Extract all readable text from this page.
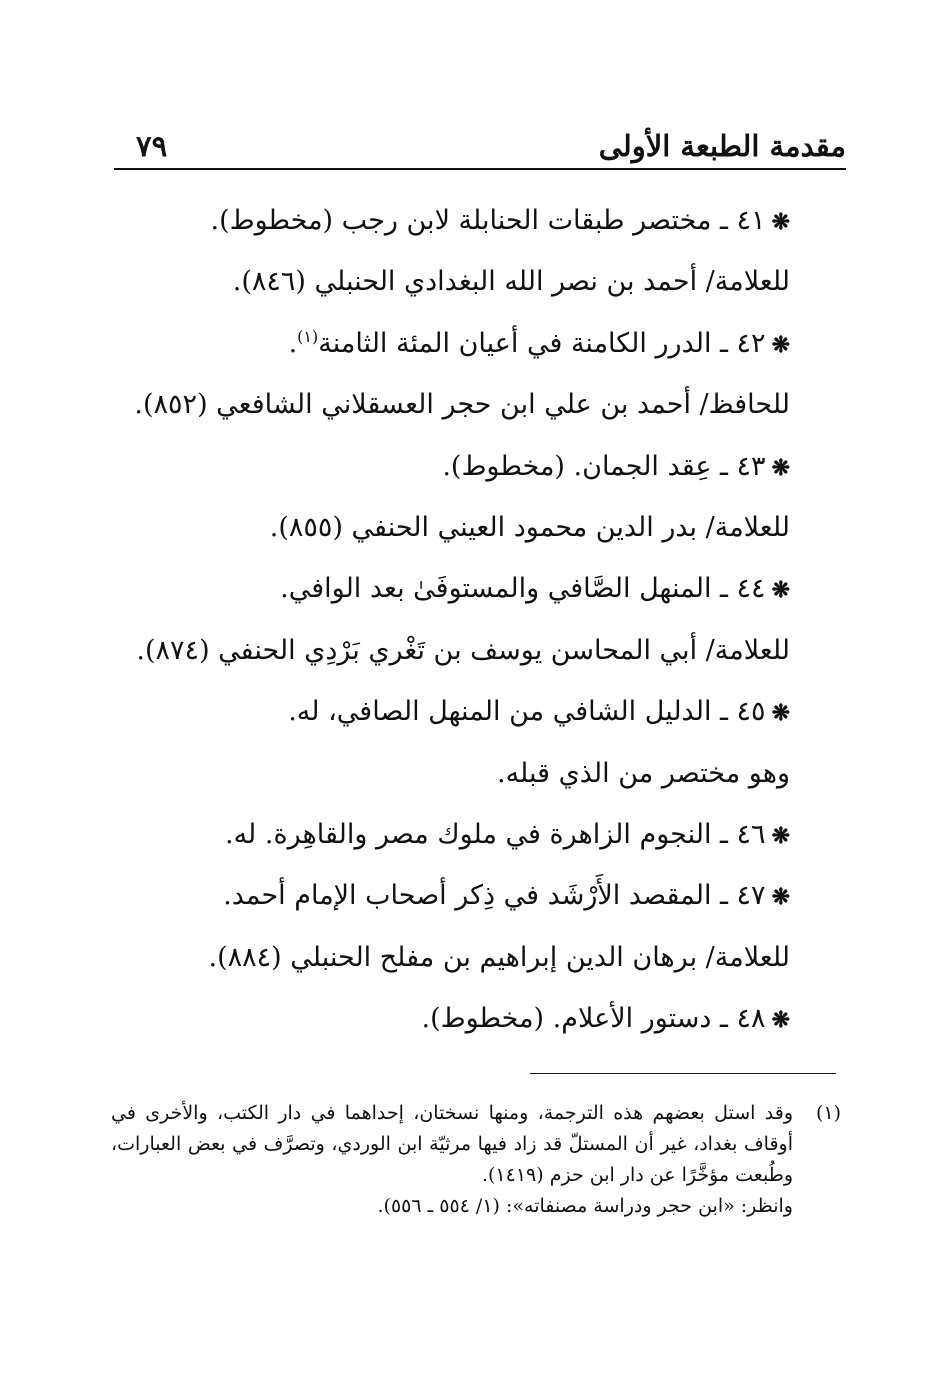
مقدمة الطبعة الأولى
٧٩
❋٤١ ـ مختصر طبقات الحنابلة لابن رجب (مخطوط).
للعلامة/ أحمد بن نصر الله البغدادي الحنبلي (٨٤٦).
❋٤٢ ـ الدرر الكامنة في أعيان المئة الثامنة$^{(١)}$.
للحافظ/ أحمد بن علي ابن حجر العسقلاني الشافعي (٨٥٢).
❋٤٣ ـ عِقد الجمان. (مخطوط).
للعلامة/ بدر الدين محمود العيني الحنفي (٨٥٥).
❋٤٤ ـ المنهل الصَّافي والمستوفَىٰ بعد الوافي.
للعلامة/ أبي المحاسن يوسف بن تَغْري بَرْدِي الحنفي (٨٧٤).
❋٤٥ ـ الدليل الشافي من المنهل الصافي، له.
وهو مختصر من الذي قبله.
❋٤٦ ـ النجوم الزاهرة في ملوك مصر والقاهِرة. له.
❋٤٧ ـ المقصد الأَرْشَد في ذِكر أصحاب الإمام أحمد.
للعلامة/ برهان الدين إبراهيم بن مفلح الحنبلي (٨٨٤).
❋٤٨ ـ دستور الأعلام. (مخطوط).
(١)
وقد استل بعضهم هذه الترجمة، ومنها نسختان، إحداهما في دار الكتب، والأخرى في أوقاف بغداد، غير أن المستلّ قد زاد فيها مرثيّة ابن الوردي، وتصرَّف في بعض العبارات، وطُبعت مؤخَّرًا عن دار ابن حزم (١٤١٩).
وانظر: «ابن حجر ودراسة مصنفاته»: (١/ ٥٥٤ ـ ٥٥٦).
